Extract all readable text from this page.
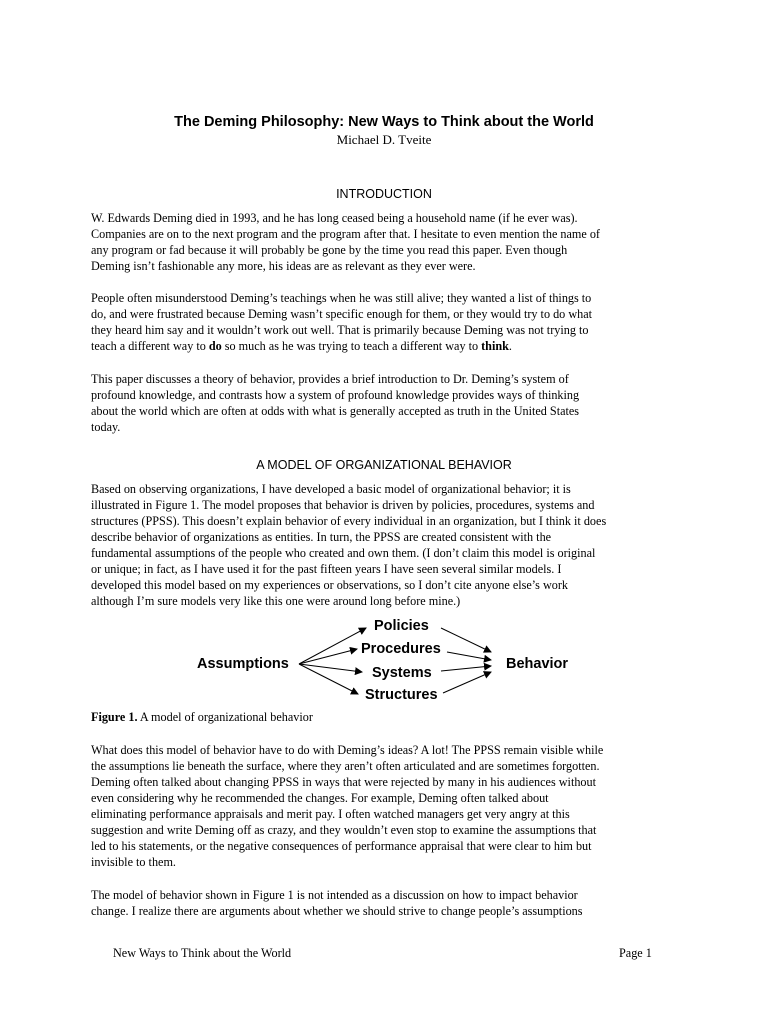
The Deming Philosophy: New Ways to Think about the World
Michael D. Tveite
INTRODUCTION
W. Edwards Deming died in 1993, and he has long ceased being a household name (if he ever was).
Companies are on to the next program and the program after that. I hesitate to even mention the name of
any program or fad because it will probably be gone by the time you read this paper. Even though
Deming isn’t fashionable any more, his ideas are as relevant as they ever were.
People often misunderstood Deming’s teachings when he was still alive; they wanted a list of things to
do, and were frustrated because Deming wasn’t specific enough for them, or they would try to do what
they heard him say and it wouldn’t work out well. That is primarily because Deming was not trying to
teach a different way to do so much as he was trying to teach a different way to think.
This paper discusses a theory of behavior, provides a brief introduction to Dr. Deming’s system of
profound knowledge, and contrasts how a system of profound knowledge provides ways of thinking
about the world which are often at odds with what is generally accepted as truth in the United States
today.
A MODEL OF ORGANIZATIONAL BEHAVIOR
Based on observing organizations, I have developed a basic model of organizational behavior; it is
illustrated in Figure 1. The model proposes that behavior is driven by policies, procedures, systems and
structures (PPSS). This doesn’t explain behavior of every individual in an organization, but I think it does
describe behavior of organizations as entities. In turn, the PPSS are created consistent with the
fundamental assumptions of the people who created and own them. (I don’t claim this model is original
or unique; in fact, as I have used it for the past fifteen years I have seen several similar models. I
developed this model based on my experiences or observations, so I don’t cite anyone else’s work
although I’m sure models very like this one were around long before mine.)
Assumptions
Policies
Procedures
Systems
Structures
Behavior
Figure 1. A model of organizational behavior
What does this model of behavior have to do with Deming’s ideas? A lot! The PPSS remain visible while
the assumptions lie beneath the surface, where they aren’t often articulated and are sometimes forgotten.
Deming often talked about changing PPSS in ways that were rejected by many in his audiences without
even considering why he recommended the changes. For example, Deming often talked about
eliminating performance appraisals and merit pay. I often watched managers get very angry at this
suggestion and write Deming off as crazy, and they wouldn’t even stop to examine the assumptions that
led to his statements, or the negative consequences of performance appraisal that were clear to him but
invisible to them.
The model of behavior shown in Figure 1 is not intended as a discussion on how to impact behavior
change. I realize there are arguments about whether we should strive to change people’s assumptions
New Ways to Think about the World	Page 1
